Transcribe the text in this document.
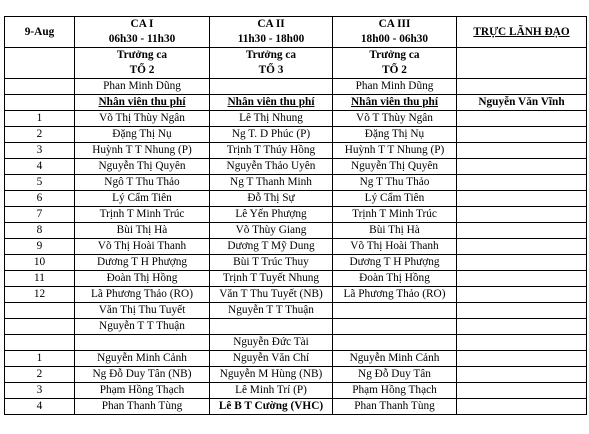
9-Aug	CA I	CA II	CA III	TRỰC LÃNH ĐẠO
	06h30 - 11h30	11h30 - 18h00	18h00 - 06h30	
	Trưởng ca	Trưởng ca	Trưởng ca	
	TỔ 2	TỔ 3	TỔ 2	
	Phan Minh Dũng		Phan Minh Dũng	
	Nhân viên thu phí	Nhân viên thu phí	Nhân viên thu phí	Nguyễn Văn Vĩnh
1	Võ Thị Thùy Ngân	Lê Thị Nhung	Võ T Thùy Ngân	
2	Đặng Thị Nụ	Ng T. D Phúc (P)	Đặng Thị Nụ	
3	Huỳnh T T Nhung (P)	Trịnh T Thúy Hồng	Huỳnh T T Nhung (P)	
4	Nguyễn Thị Quyên	Nguyễn Thảo Uyên	Nguyễn Thị Quyên	
5	Ngô T Thu Thảo	Ng T Thanh Minh	Ng T Thu Thảo	
6	Lý Cẩm Tiên	Đỗ Thị Sự	Lý Cẩm Tiên	
7	Trịnh T Minh Trúc	Lê Yến Phượng	Trịnh T Minh Trúc	
8	Bùi Thị Hà	Võ Thùy Giang	Bùi Thị Hà	
9	Võ Thị Hoài Thanh	Dương T Mỹ Dung	Võ Thị Hoài Thanh	
10	Dương T H Phượng	Bùi T Trúc Thuy	Dương T H Phượng	
11	Đoàn Thị Hồng	Trịnh T Tuyết Nhung	Đoàn Thị Hồng	
12	Lã Phương Thảo (RO)	Văn T Thu Tuyết (NB)	Lã Phương Thảo (RO)	
	Văn Thị Thu Tuyết	Nguyễn T T Thuận		
	Nguyễn T T Thuận			
		Nguyễn Đức Tài		
1	Nguyễn Minh Cảnh	Nguyễn Văn Chí	Nguyễn Minh Cảnh	
2	Ng Đỗ Duy Tân (NB)	Nguyễn M Hùng (NB)	Ng Đỗ Duy Tân	
3	Phạm Hồng Thạch	Lê Minh Trí (P)	Phạm Hồng Thạch	
4	Phan Thanh Tùng	Lê B T Cường (VHC)	Phan Thanh Tùng	
